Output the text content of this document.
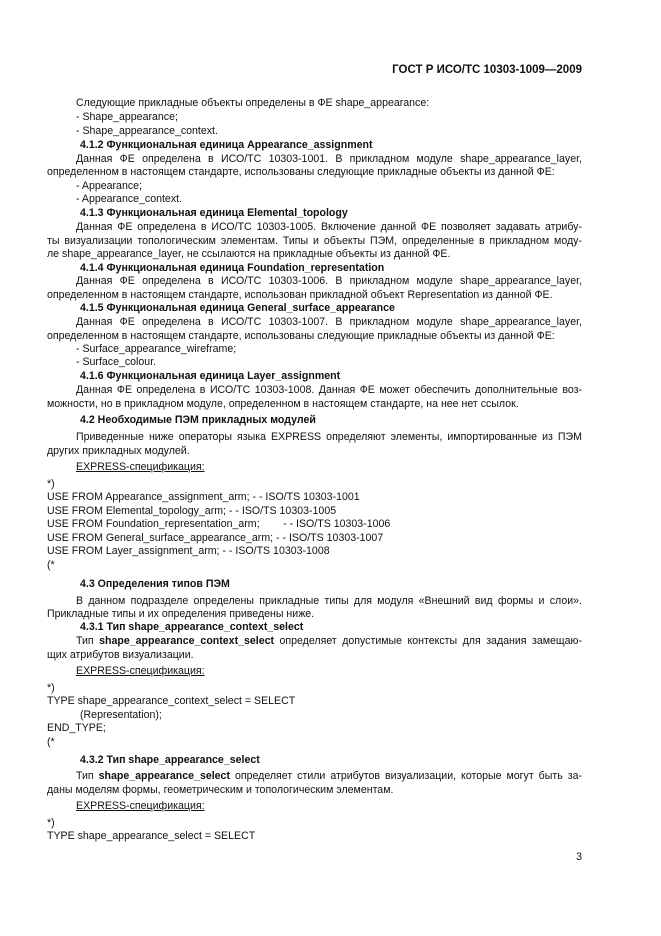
ГОСТ Р ИСО/ТС 10303-1009—2009
Следующие прикладные объекты определены в ФЕ shape_appearance:
- Shape_appearance;
- Shape_appearance_context.
4.1.2 Функциональная единица Appearance_assignment
Данная ФЕ определена в ИСО/ТС 10303-1001. В прикладном модуле shape_appearance_layer,
определенном в настоящем стандарте, использованы следующие прикладные объекты из данной ФЕ:
- Appearance;
- Appearance_context.
4.1.3 Функциональная единица Elemental_topology
Данная ФЕ определена в ИСО/ТС 10303-1005. Включение данной ФЕ позволяет задавать атрибу-
ты визуализации топологическим элементам. Типы и объекты ПЭМ, определенные в прикладном моду-
ле shape_appearance_layer, не ссылаются на прикладные объекты из данной ФЕ.
4.1.4 Функциональная единица Foundation_representation
Данная ФЕ определена в ИСО/ТС 10303-1006. В прикладном модуле shape_appearance_layer,
определенном в настоящем стандарте, использован прикладной объект Representation из данной ФЕ.
4.1.5 Функциональная единица General_surface_appearance
Данная ФЕ определена в ИСО/ТС 10303-1007. В прикладном модуле shape_appearance_layer,
определенном в настоящем стандарте, использованы следующие прикладные объекты из данной ФЕ:
- Surface_appearance_wireframe;
- Surface_colour.
4.1.6 Функциональная единица Layer_assignment
Данная ФЕ определена в ИСО/ТС 10303-1008. Данная ФЕ может обеспечить дополнительные воз-
можности, но в прикладном модуле, определенном в настоящем стандарте, на нее нет ссылок.
4.2 Необходимые ПЭМ прикладных модулей
Приведенные ниже операторы языка EXPRESS определяют элементы, импортированные из ПЭМ
других прикладных модулей.
EXPRESS-спецификация:
*)
USE FROM Appearance_assignment_arm; - - ISO/TS 10303-1001
USE FROM Elemental_topology_arm; - - ISO/TS 10303-1005
USE FROM Foundation_representation_arm;        - - ISO/TS 10303-1006
USE FROM General_surface_appearance_arm; - - ISO/TS 10303-1007
USE FROM Layer_assignment_arm; - - ISO/TS 10303-1008
(*
4.3 Определения типов ПЭМ
В данном подразделе определены прикладные типы для модуля «Внешний вид формы и слои».
Прикладные типы и их определения приведены ниже.
4.3.1 Тип shape_appearance_context_select
Тип shape_appearance_context_select определяет допустимые контексты для задания замещаю-
щих атрибутов визуализации.
EXPRESS-спецификация:
*)
TYPE shape_appearance_context_select = SELECT
(Representation);
END_TYPE;
(*
4.3.2 Тип shape_appearance_select
Тип shape_appearance_select определяет стили атрибутов визуализации, которые могут быть за-
даны моделям формы, геометрическим и топологическим элементам.
EXPRESS-спецификация:
*)
TYPE shape_appearance_select = SELECT
3
